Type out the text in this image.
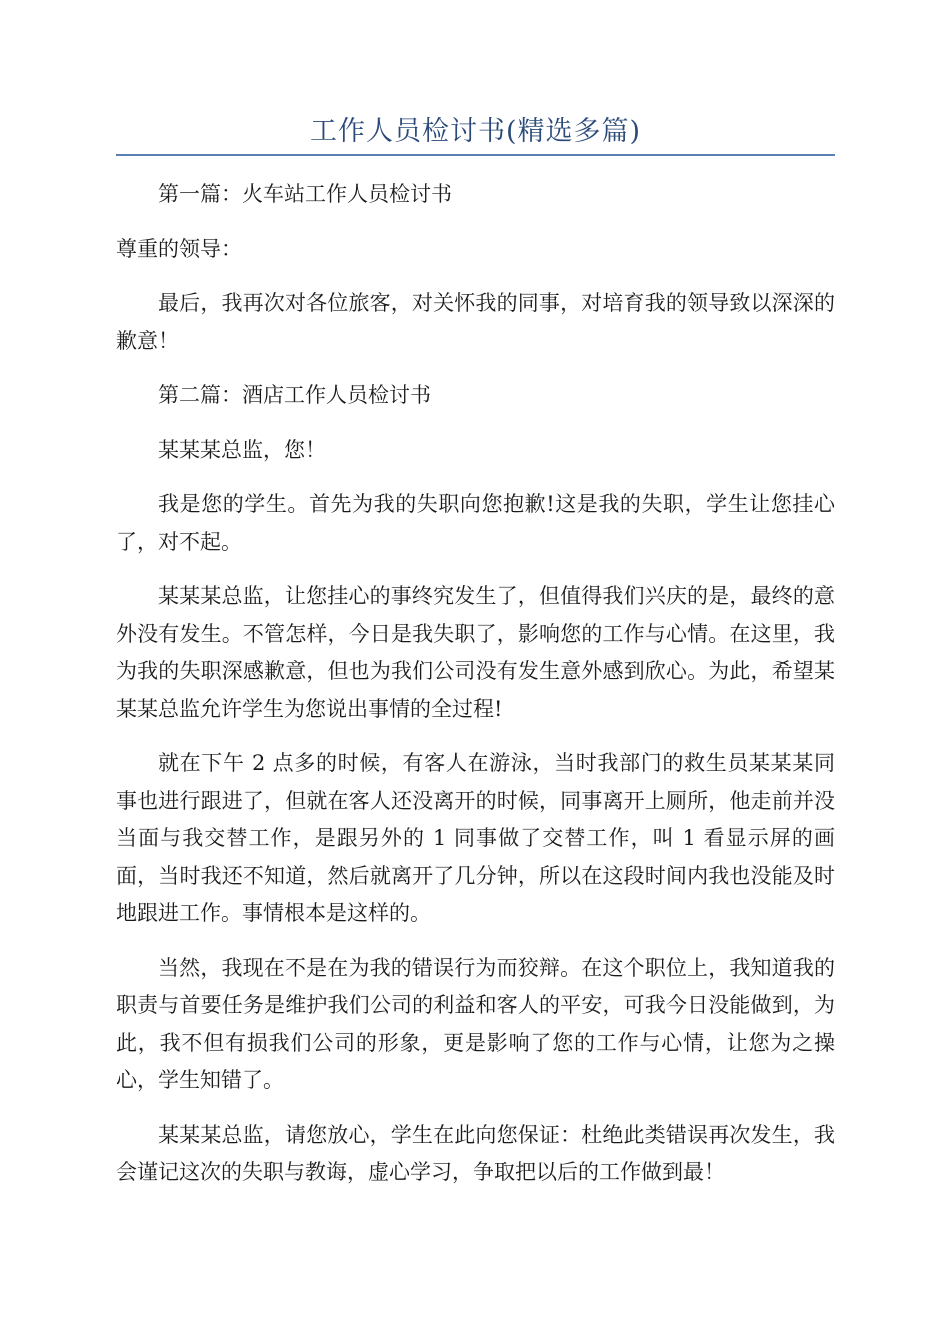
工作人员检讨书(精选多篇)

第一篇：火车站工作人员检讨书

尊重的领导：

最后，我再次对各位旅客，对关怀我的同事，对培育我的领导致以深深的歉意！

第二篇：酒店工作人员检讨书

某某某总监，您！

我是您的学生。首先为我的失职向您抱歉!这是我的失职，学生让您挂心了，对不起。

某某某总监，让您挂心的事终究发生了，但值得我们兴庆的是，最终的意外没有发生。不管怎样，今日是我失职了，影响您的工作与心情。在这里，我为我的失职深感歉意，但也为我们公司没有发生意外感到欣心。为此，希望某某某总监允许学生为您说出事情的全过程!

就在下午 2 点多的时候，有客人在游泳，当时我部门的救生员某某某同事也进行跟进了，但就在客人还没离开的时候，同事离开上厕所，他走前并没当面与我交替工作，是跟另外的 1 同事做了交替工作，叫 1 看显示屏的画面，当时我还不知道，然后就离开了几分钟，所以在这段时间内我也没能及时地跟进工作。事情根本是这样的。

当然，我现在不是在为我的错误行为而狡辩。在这个职位上，我知道我的职责与首要任务是维护我们公司的利益和客人的平安，可我今日没能做到，为此，我不但有损我们公司的形象，更是影响了您的工作与心情，让您为之操心，学生知错了。

某某某总监，请您放心，学生在此向您保证：杜绝此类错误再次发生，我会谨记这次的失职与教诲，虚心学习，争取把以后的工作做到最！
